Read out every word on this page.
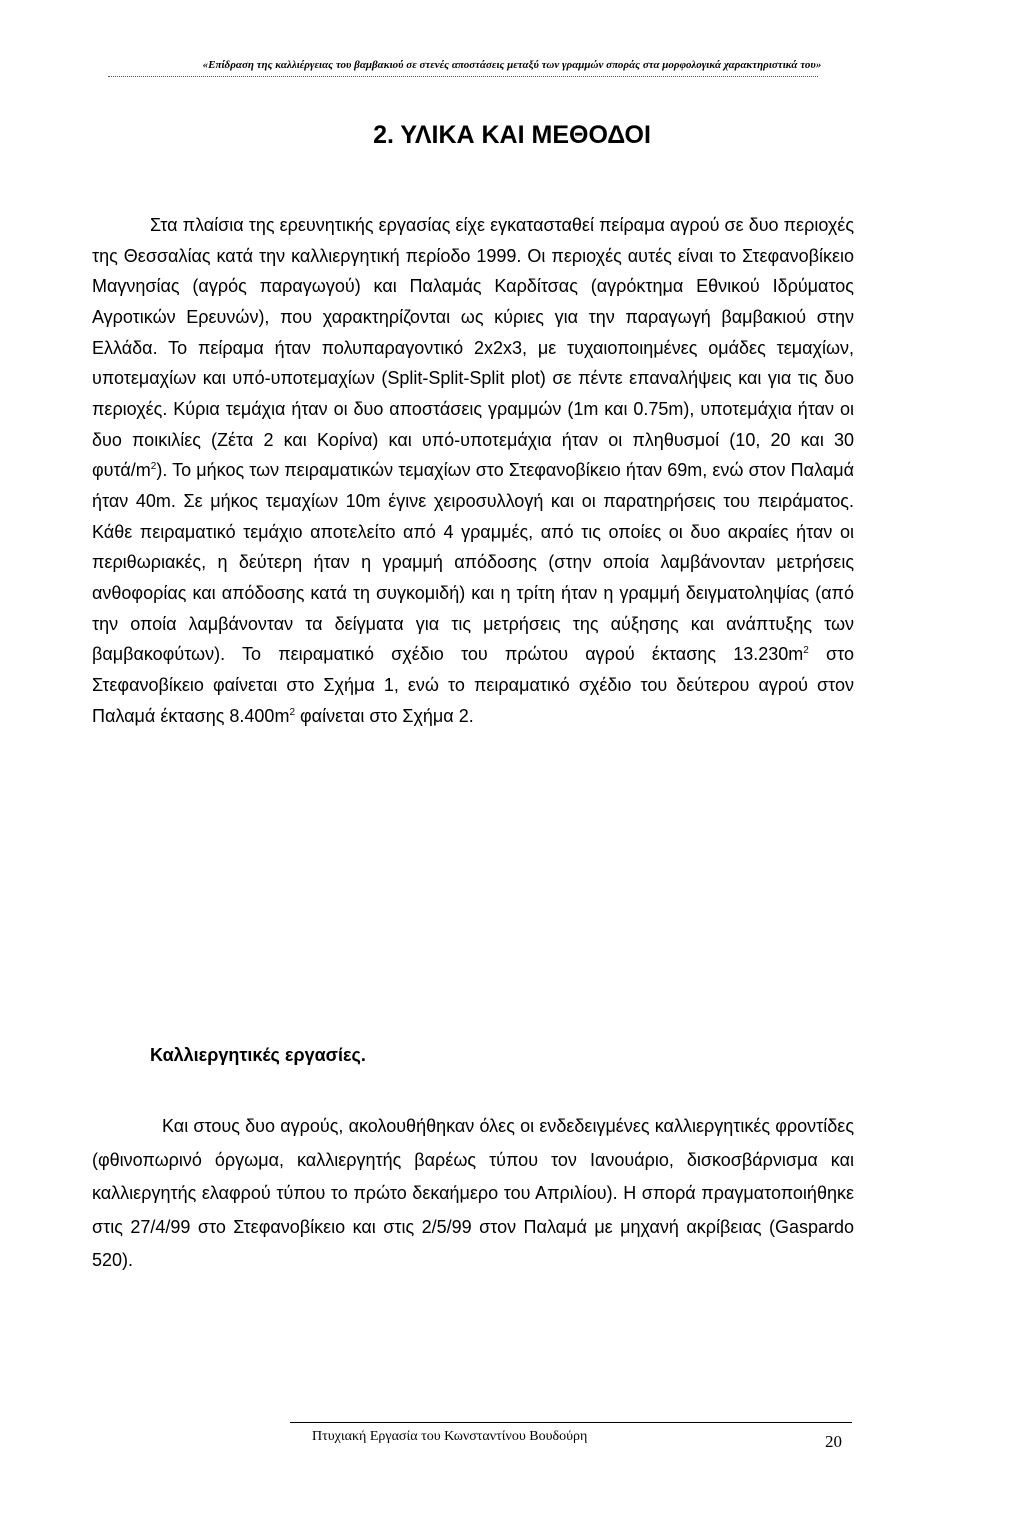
«Επίδραση της καλλιέργειας του βαμβακιού σε στενές αποστάσεις μεταξύ των γραμμών σποράς στα μορφολογικά χαρακτηριστικά του»
2. ΥΛΙΚΑ ΚΑΙ ΜΕΘΟΔΟΙ

Στα πλαίσια της ερευνητικής εργασίας είχε εγκατασταθεί πείραμα αγρού σε δυο περιοχές της Θεσσαλίας κατά την καλλιεργητική περίοδο 1999. Οι περιοχές αυτές είναι το Στεφανοβίκειο Μαγνησίας (αγρός παραγωγού) και Παλαμάς Καρδίτσας (αγρόκτημα Εθνικού Ιδρύματος Αγροτικών Ερευνών), που χαρακτηρίζονται ως κύριες για την παραγωγή βαμβακιού στην Ελλάδα. Το πείραμα ήταν πολυπαραγοντικό 2x2x3, με τυχαιοποιημένες ομάδες τεμαχίων, υποτεμαχίων και υπό-υποτεμαχίων (Split-Split-Split plot) σε πέντε επαναλήψεις και για τις δυο περιοχές. Κύρια τεμάχια ήταν οι δυο αποστάσεις γραμμών (1m και 0.75m), υποτεμάχια ήταν οι δυο ποικιλίες (Ζέτα 2 και Κορίνα) και υπό-υποτεμάχια ήταν οι πληθυσμοί (10, 20 και 30 φυτά/$m^2$). Το μήκος των πειραματικών τεμαχίων στο Στεφανοβίκειο ήταν 69m, ενώ στον Παλαμά ήταν 40m. Σε μήκος τεμαχίων 10m έγινε χειροσυλλογή και οι παρατηρήσεις του πειράματος. Κάθε πειραματικό τεμάχιο αποτελείτο από 4 γραμμές, από τις οποίες οι δυο ακραίες ήταν οι περιθωριακές, η δεύτερη ήταν η γραμμή απόδοσης (στην οποία λαμβάνονταν μετρήσεις ανθοφορίας και απόδοσης κατά τη συγκομιδή) και η τρίτη ήταν η γραμμή δειγματοληψίας (από την οποία λαμβάνονταν τα δείγματα για τις μετρήσεις της αύξησης και ανάπτυξης των βαμβακοφύτων). Το πειραματικό σχέδιο του πρώτου αγρού έκτασης $13.230m^2$ στο Στεφανοβίκειο φαίνεται στο Σχήμα 1, ενώ το πειραματικό σχέδιο του δεύτερου αγρού στον Παλαμά έκτασης $8.400m^2$ φαίνεται στο Σχήμα 2.

Καλλιεργητικές εργασίες.

Και στους δυο αγρούς, ακολουθήθηκαν όλες οι ενδεδειγμένες καλλιεργητικές φροντίδες (φθινοπωρινό όργωμα, καλλιεργητής βαρέως τύπου τον Ιανουάριο, δισκοσβάρνισμα και καλλιεργητής ελαφρού τύπου το πρώτο δεκαήμερο του Απριλίου). Η σπορά πραγματοποιήθηκε στις 27/4/99 στο Στεφανοβίκειο και στις 2/5/99 στον Παλαμά με μηχανή ακρίβειας (Gaspardo 520).

Πτυχιακή Εργασία του Κωνσταντίνου Βουδούρη	20
